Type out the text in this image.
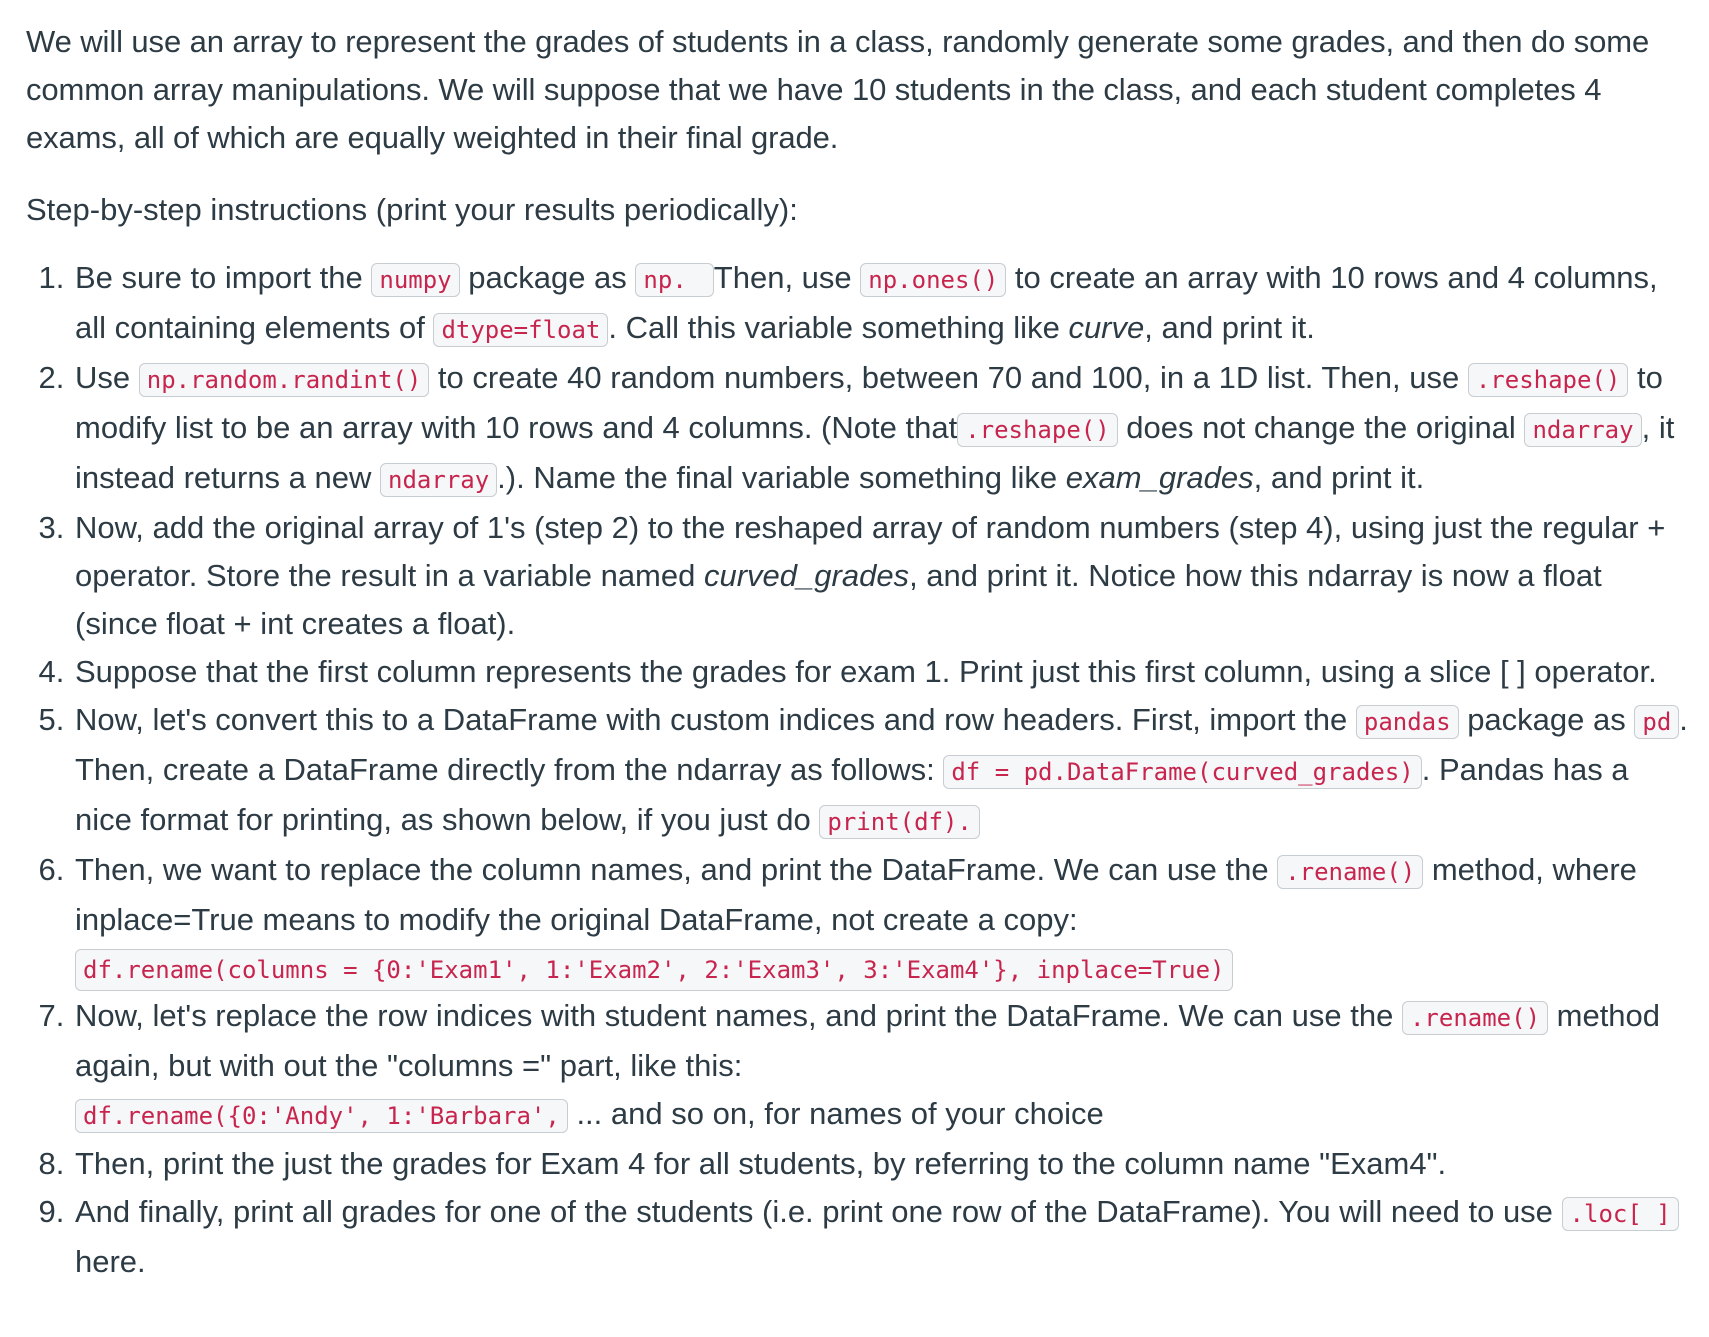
We will use an array to represent the grades of students in a class, randomly generate some grades, and then do some common array manipulations. We will suppose that we have 10 students in the class, and each student completes 4 exams, all of which are equally weighted in their final grade.

Step-by-step instructions (print your results periodically):

1. Be sure to import the numpy package as np. Then, use np.ones() to create an array with 10 rows and 4 columns, all containing elements of dtype=float . Call this variable something like curve, and print it.
2. Use np.random.randint() to create 40 random numbers, between 70 and 100, in a 1D list. Then, use .reshape() to modify list to be an array with 10 rows and 4 columns. (Note that .reshape() does not change the original ndarray , it instead returns a new ndarray .). Name the final variable something like exam_grades, and print it.
3. Now, add the original array of 1's (step 2) to the reshaped array of random numbers (step 4), using just the regular + operator. Store the result in a variable named curved_grades, and print it. Notice how this ndarray is now a float (since float + int creates a float).
4. Suppose that the first column represents the grades for exam 1. Print just this first column, using a slice [ ] operator.
5. Now, let's convert this to a DataFrame with custom indices and row headers. First, import the pandas package as pd . Then, create a DataFrame directly from the ndarray as follows: df = pd.DataFrame(curved_grades) . Pandas has a nice format for printing, as shown below, if you just do print(df).
6. Then, we want to replace the column names, and print the DataFrame. We can use the .rename() method, where inplace=True means to modify the original DataFrame, not create a copy:
df.rename(columns = {0:'Exam1', 1:'Exam2', 2:'Exam3', 3:'Exam4'}, inplace=True)
7. Now, let's replace the row indices with student names, and print the DataFrame. We can use the .rename() method again, but with out the "columns =" part, like this:
df.rename({0:'Andy', 1:'Barbara', ... and so on, for names of your choice
8. Then, print the just the grades for Exam 4 for all students, by referring to the column name "Exam4".
9. And finally, print all grades for one of the students (i.e. print one row of the DataFrame). You will need to use .loc[ ] here.
